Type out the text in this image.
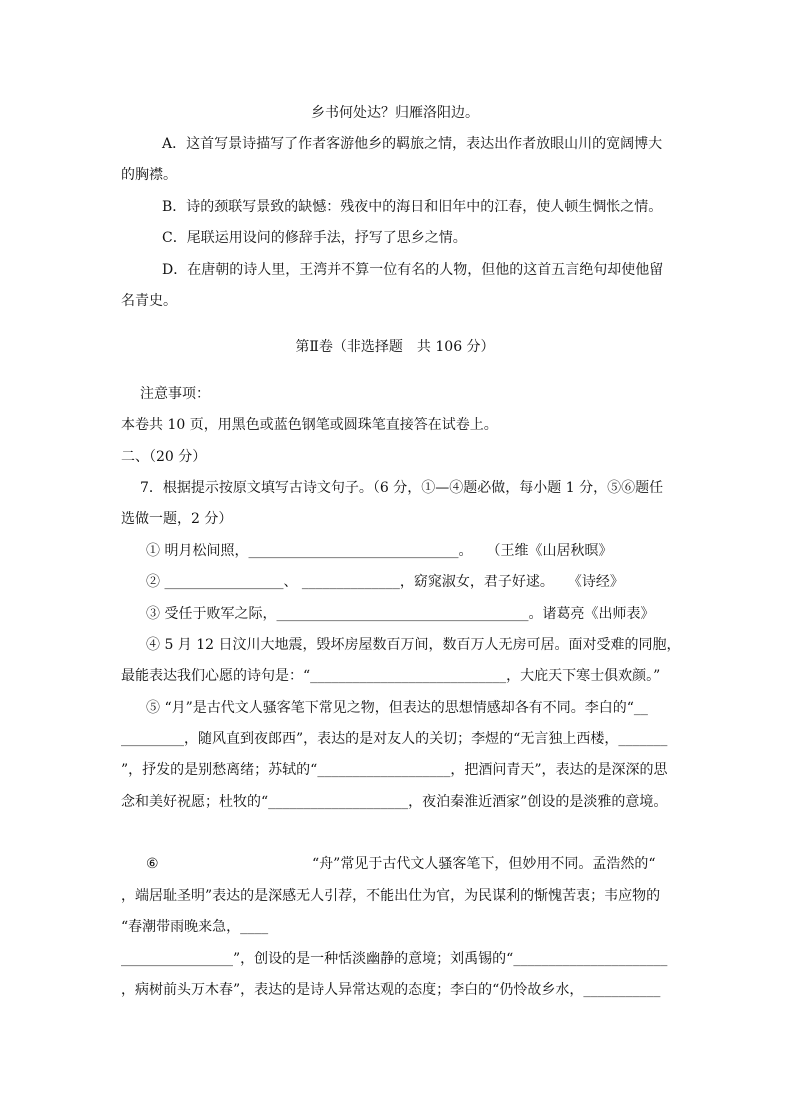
乡书何处达？归雁洛阳边。
A．这首写景诗描写了作者客游他乡的羁旅之情，表达出作者放眼山川的宽阔博大
的胸襟。
B．诗的颈联写景致的缺憾：残夜中的海日和旧年中的江春，使人顿生惆怅之情。
C．尾联运用设问的修辞手法，抒写了思乡之情。
D．在唐朝的诗人里，王湾并不算一位有名的人物，但他的这首五言绝句却使他留
名青史。
第Ⅱ卷（非选择题　共 106 分）
注意事项：
本卷共 10 页，用黑色或蓝色钢笔或圆珠笔直接答在试卷上。
二、（20 分）
7．根据提示按原文填写古诗文句子。（6 分，①—④题必做，每小题 1 分，⑤⑥题任
选做一题，2 分）
① 明月松间照，______________________________。　　（王维《山居秋暝》
② _________________、 ______________，窈窕淑女，君子好逑。　　《诗经》
③ 受任于败军之际，____________________________________。诸葛亮《出师表》
④ 5 月 12 日汶川大地震，毁坏房屋数百万间，数百万人无房可居。面对受难的同胞，
最能表达我们心愿的诗句是：“____________________________，大庇天下寒士俱欢颜。”
⑤ “月”是古代文人骚客笔下常见之物，但表达的思想情感却各有不同。李白的“__
_________，随风直到夜郎西”，表达的是对友人的关切；李煜的“无言独上西楼，_______
”，抒发的是别愁离绪；苏轼的“___________________，把酒问青天”，表达的是深深的思
念和美好祝愿；杜牧的“____________________，夜泊秦淮近酒家”创设的是淡雅的意境。
⑥	“舟”常见于古代文人骚客笔下，但妙用不同。孟浩然的“
，端居耻圣明”表达的是深感无人引荐，不能出仕为官，为民谋利的惭愧苦衷；韦应物的
“春潮带雨晚来急，____
________________”，创设的是一种恬淡幽静的意境；刘禹锡的“______________________
，病树前头万木春”，表达的是诗人异常达观的态度；李白的“仍怜故乡水，___________
